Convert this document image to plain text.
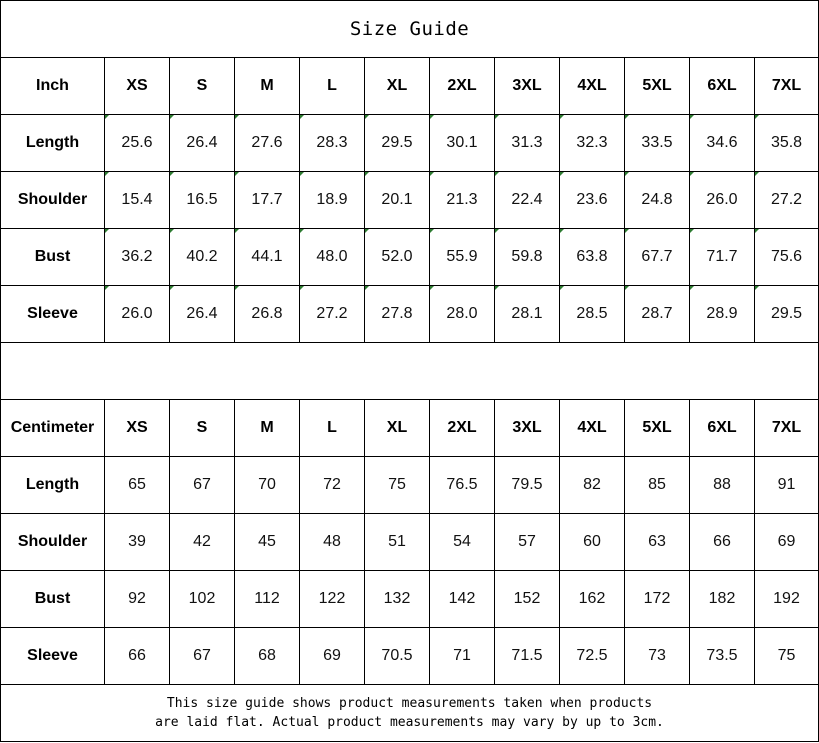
Size Guide											
Inch	XS	S	M	L	XL	2XL	3XL	4XL	5XL	6XL	7XL
Length	25.6	26.4	27.6	28.3	29.5	30.1	31.3	32.3	33.5	34.6	35.8
Shoulder	15.4	16.5	17.7	18.9	20.1	21.3	22.4	23.6	24.8	26.0	27.2
Bust	36.2	40.2	44.1	48.0	52.0	55.9	59.8	63.8	67.7	71.7	75.6
Sleeve	26.0	26.4	26.8	27.2	27.8	28.0	28.1	28.5	28.7	28.9	29.5

Centimeter	XS	S	M	L	XL	2XL	3XL	4XL	5XL	6XL	7XL
Length	65	67	70	72	75	76.5	79.5	82	85	88	91
Shoulder	39	42	45	48	51	54	57	60	63	66	69
Bust	92	102	112	122	132	142	152	162	172	182	192
Sleeve	66	67	68	69	70.5	71	71.5	72.5	73	73.5	75

This size guide shows product measurements taken when products
are laid flat. Actual product measurements may vary by up to 3cm.											
